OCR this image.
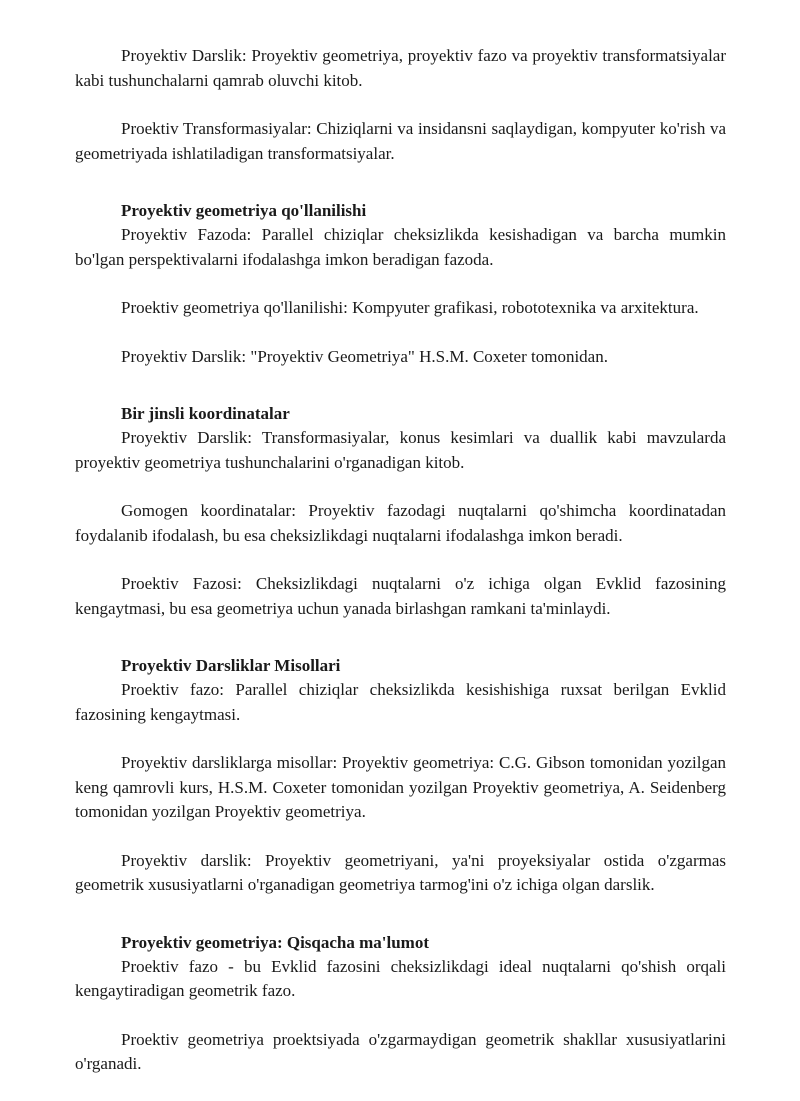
Proyektiv Darslik: Proyektiv geometriya, proyektiv fazo va proyektiv transformatsiyalar kabi tushunchalarni qamrab oluvchi kitob.

Proektiv Transformasiyalar: Chiziqlarni va insidansni saqlaydigan, kompyuter ko'rish va geometriyada ishlatiladigan transformatsiyalar.

Proyektiv geometriya qo'llanilishi

Proyektiv Fazoda: Parallel chiziqlar cheksizlikda kesishadigan va barcha mumkin bo'lgan perspektivalarni ifodalashga imkon beradigan fazoda.

Proektiv geometriya qo'llanilishi: Kompyuter grafikasi, robototexnika va arxitektura.

Proyektiv Darslik: "Proyektiv Geometriya" H.S.M. Coxeter tomonidan.

Bir jinsli koordinatalar

Proyektiv Darslik: Transformasiyalar, konus kesimlari va duallik kabi mavzularda proyektiv geometriya tushunchalarini o'rganadigan kitob.

Gomogen koordinatalar: Proyektiv fazodagi nuqtalarni qo'shimcha koordinatadan foydalanib ifodalash, bu esa cheksizlikdagi nuqtalarni ifodalashga imkon beradi.

Proektiv Fazosi: Cheksizlikdagi nuqtalarni o'z ichiga olgan Evklid fazosining kengaytmasi, bu esa geometriya uchun yanada birlashgan ramkani ta'minlaydi.

Proyektiv Darsliklar Misollari

Proektiv fazo: Parallel chiziqlar cheksizlikda kesishishiga ruxsat berilgan Evklid fazosining kengaytmasi.

Proyektiv darsliklarga misollar: Proyektiv geometriya: C.G. Gibson tomonidan yozilgan keng qamrovli kurs, H.S.M. Coxeter tomonidan yozilgan Proyektiv geometriya, A. Seidenberg tomonidan yozilgan Proyektiv geometriya.

Proyektiv darslik: Proyektiv geometriyani, ya'ni proyeksiyalar ostida o'zgarmas geometrik xususiyatlarni o'rganadigan geometriya tarmog'ini o'z ichiga olgan darslik.

Proyektiv geometriya: Qisqacha ma'lumot

Proektiv fazo - bu Evklid fazosini cheksizlikdagi ideal nuqtalarni qo'shish orqali kengaytiradigan geometrik fazo.

Proektiv geometriya proektsiyada o'zgarmaydigan geometrik shakllar xususiyatlarini o'rganadi.
